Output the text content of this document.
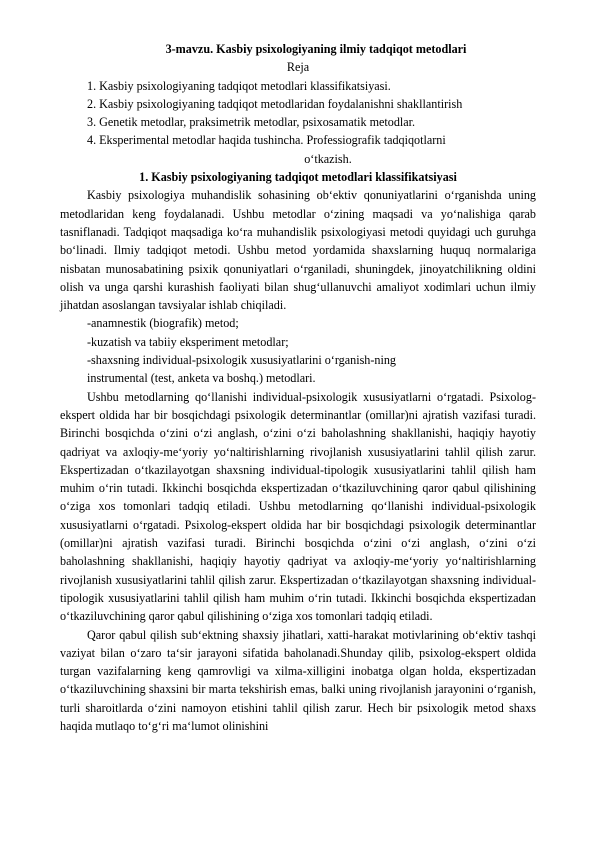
3-mavzu. Kasbiy psixologiyaning ilmiy tadqiqot metodlari
Reja
1. Kasbiy psixologiyaning tadqiqot metodlari klassifikatsiyasi.
2. Kasbiy psixologiyaning tadqiqot metodlaridan foydalanishni shakllantirish
3. Genetik metodlar, praksimetrik metodlar, psixosamatik metodlar.
4. Eksperimental metodlar haqida tushincha. Professiografik tadqiqotlarni
o‘tkazish.
1. Kasbiy psixologiyaning tadqiqot metodlari klassifikatsiyasi

Kasbiy psixologiya muhandislik sohasining ob‘ektiv qonuniyatlarini o‘rganishda uning metodlaridan keng foydalanadi. Ushbu metodlar o‘zining maqsadi va yo‘nalishiga qarab tasniflanadi. Tadqiqot maqsadiga ko‘ra muhandislik psixologiyasi metodi quyidagi uch guruhga bo‘linadi. Ilmiy tadqiqot metodi. Ushbu metod yordamida shaxslarning huquq normalariga nisbatan munosabatining psixik qonuniyatlari o‘rganiladi, shuningdek, jinoyatchilikning oldini olish va unga qarshi kurashish faoliyati bilan shug‘ullanuvchi amaliyot xodimlari uchun ilmiy jihatdan asoslangan tavsiyalar ishlab chiqiladi.

-anamnestik (biografik) metod;
-kuzatish va tabiiy eksperiment metodlar;
-shaxsning individual-psixologik xususiyatlarini o‘rganish-ning
instrumental (test, anketa va boshq.) metodlari.

Ushbu metodlarning qo‘llanishi individual-psixologik xususiyatlarni o‘rgatadi. Psixolog-ekspert oldida har bir bosqichdagi psixologik determinantlar (omillar)ni ajratish vazifasi turadi. Birinchi bosqichda o‘zini o‘zi anglash, o‘zini o‘zi baholashning shakllanishi, haqiqiy hayotiy qadriyat va axloqiy-me‘yoriy yo‘naltirishlarning rivojlanish xususiyatlarini tahlil qilish zarur. Ekspertizadan o‘tkazilayotgan shaxsning individual-tipologik xususiyatlarini tahlil qilish ham muhim o‘rin tutadi. Ikkinchi bosqichda ekspertizadan o‘tkaziluvchining qaror qabul qilishining o‘ziga xos tomonlari tadqiq etiladi. Ushbu metodlarning qo‘llanishi individual-psixologik xususiyatlarni o‘rgatadi. Psixolog-ekspert oldida har bir bosqichdagi psixologik determinantlar (omillar)ni ajratish vazifasi turadi. Birinchi bosqichda o‘zini o‘zi anglash, o‘zini o‘zi baholashning shakllanishi, haqiqiy hayotiy qadriyat va axloqiy-me‘yoriy yo‘naltirishlarning rivojlanish xususiyatlarini tahlil qilish zarur. Ekspertizadan o‘tkazilayotgan shaxsning individual-tipologik xususiyatlarini tahlil qilish ham muhim o‘rin tutadi. Ikkinchi bosqichda ekspertizadan o‘tkaziluvchining qaror qabul qilishining o‘ziga xos tomonlari tadqiq etiladi.

Qaror qabul qilish sub‘ektning shaxsiy jihatlari, xatti-harakat motivlarining ob‘ektiv tashqi vaziyat bilan o‘zaro ta‘sir jarayoni sifatida baholanadi.Shunday qilib, psixolog-ekspert oldida turgan vazifalarning keng qamrovligi va xilma-xilligini inobatga olgan holda, ekspertizadan o‘tkaziluvchining shaxsini bir marta tekshirish emas, balki uning rivojlanish jarayonini o‘rganish, turli sharoitlarda o‘zini namoyon etishini tahlil qilish zarur. Hech bir psixologik metod shaxs haqida mutlaqo to‘g‘ri ma‘lumot olinishini
